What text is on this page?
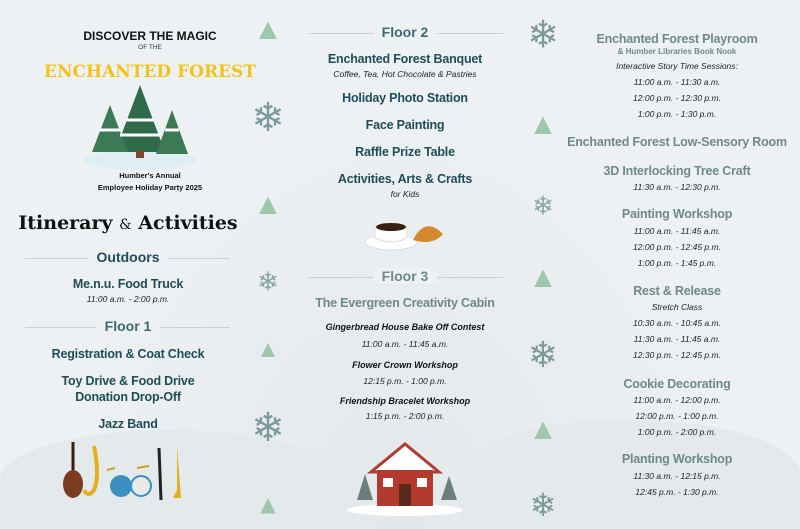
DISCOVER THE MAGIC
OF THE
ENCHANTED FOREST
Humber's Annual
Employee Holiday Party 2025
Itinerary & Activities
Outdoors
Me.n.u. Food Truck
11:00 a.m. - 2:00 p.m.
Floor 1
Registration & Coat Check
Toy Drive & Food Drive
Donation Drop-Off
Jazz Band
▲
❄
▲
❄
▲
❄
▲
Floor 2
Enchanted Forest Banquet
Coffee, Tea, Hot Chocolate & Pastries
Holiday Photo Station
Face Painting
Raffle Prize Table
Activities, Arts & Crafts
for Kids
Floor 3
The Evergreen Creativity Cabin
Gingerbread House Bake Off Contest
11:00 a.m. - 11:45 a.m.
Flower Crown Workshop
12:15 p.m. - 1:00 p.m.
Friendship Bracelet Workshop
1:15 p.m. - 2:00 p.m.
❄
▲
❄
▲
❄
▲
❄
Enchanted Forest Playroom
& Humber Libraries Book Nook
Interactive Story Time Sessions:
11:00 a.m. - 11:30 a.m.
12:00 p.m. - 12:30 p.m.
1:00 p.m. - 1:30 p.m.
Enchanted Forest Low-Sensory Room
3D Interlocking Tree Craft
11:30 a.m. - 12:30 p.m.
Painting Workshop
11:00 a.m. - 11:45 a.m.
12:00 p.m. - 12:45 p.m.
1:00 p.m. - 1:45 p.m.
Rest & Release
Stretch Class
10:30 a.m. - 10:45 a.m.
11:30 a.m. - 11:45 a.m.
12:30 p.m. - 12:45 p.m.
Cookie Decorating
11:00 a.m. - 12:00 p.m.
12:00 p.m. - 1:00 p.m.
1:00 p.m. - 2:00 p.m.
Planting Workshop
11:30 a.m. - 12:15 p.m.
12:45 p.m. - 1:30 p.m.
